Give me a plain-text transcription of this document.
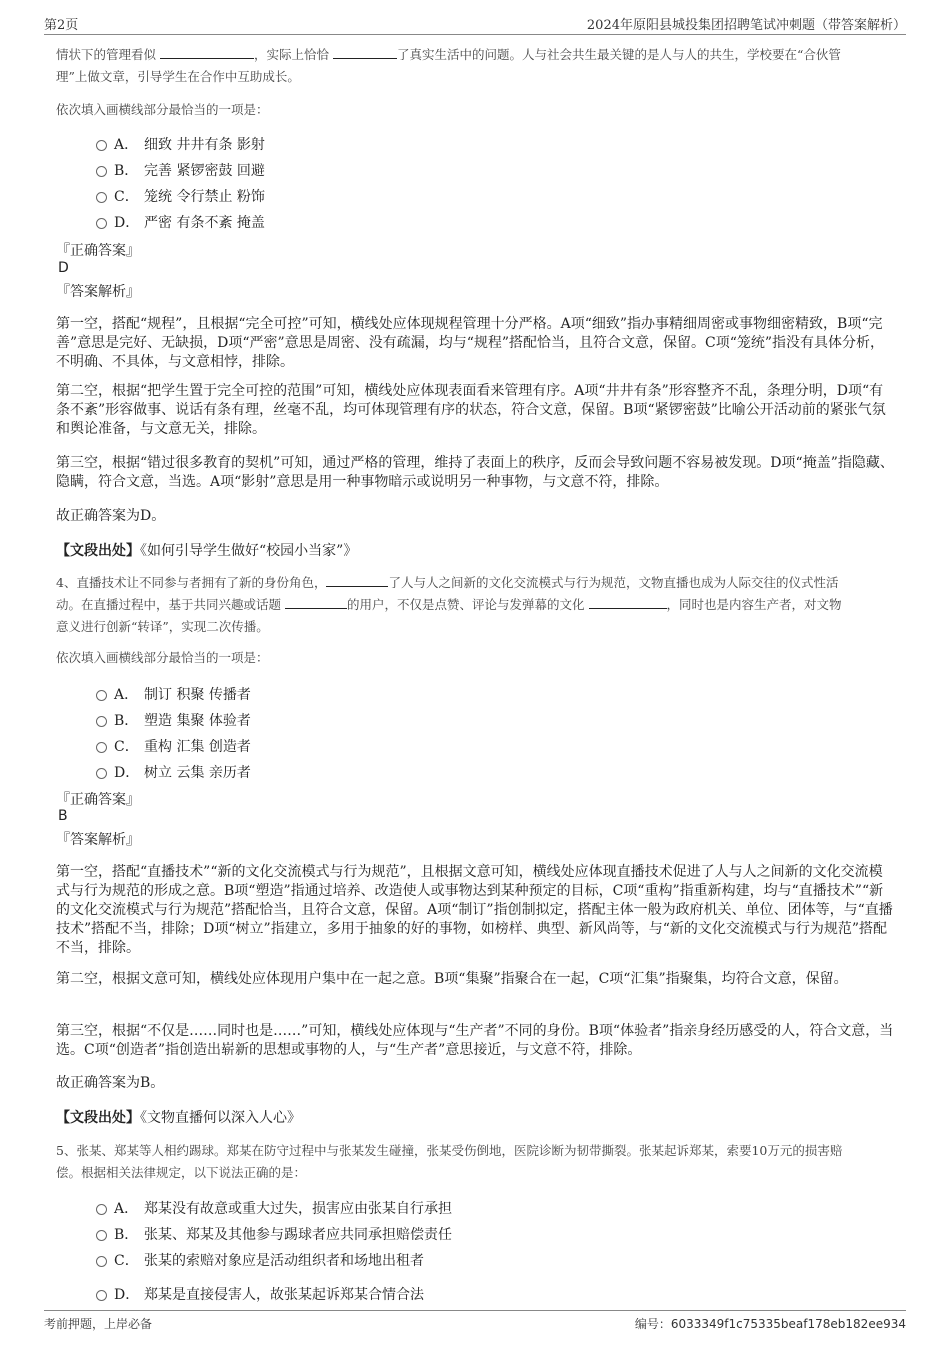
第2页	2024年原阳县城投集团招聘笔试冲刺题（带答案解析）
情状下的管理看似	，实际上恰恰	了真实生活中的问题。人与社会共生最关键的是人与人的共生，学校要在“合伙管
理”上做文章，引导学生在合作中互助成长。
依次填入画横线部分最恰当的一项是：
A． 细致 井井有条 影射
B． 完善 紧锣密鼓 回避
C． 笼统 令行禁止 粉饰
D． 严密 有条不紊 掩盖
『正确答案』
D
『答案解析』
第一空，搭配“规程”，且根据“完全可控”可知，横线处应体现规程管理十分严格。A项“细致”指办事精细周密或事物细密精致，B项“完善”意思是完好、无缺损，D项“严密”意思是周密、没有疏漏，均与“规程”搭配恰当，且符合文意，保留。C项“笼统”指没有具体分析，不明确、不具体，与文意相悖，排除。
第二空，根据“把学生置于完全可控的范围”可知，横线处应体现表面看来管理有序。A项“井井有条”形容整齐不乱，条理分明，D项“有条不紊”形容做事、说话有条有理，丝毫不乱，均可体现管理有序的状态，符合文意，保留。B项“紧锣密鼓”比喻公开活动前的紧张气氛和舆论准备，与文意无关，排除。
第三空，根据“错过很多教育的契机”可知，通过严格的管理，维持了表面上的秩序，反而会导致问题不容易被发现。D项“掩盖”指隐藏、隐瞒，符合文意，当选。A项“影射”意思是用一种事物暗示或说明另一种事物，与文意不符，排除。
故正确答案为D。
【文段出处】《如何引导学生做好“校园小当家”》
4、直播技术让不同参与者拥有了新的身份角色，	了人与人之间新的文化交流模式与行为规范，文物直播也成为人际交往的仪式性活
动。在直播过程中，基于共同兴趣或话题	的用户，不仅是点赞、评论与发弹幕的文化	，同时也是内容生产者，对文物
意义进行创新“转译”，实现二次传播。
依次填入画横线部分最恰当的一项是：
A． 制订 积聚 传播者
B． 塑造 集聚 体验者
C． 重构 汇集 创造者
D． 树立 云集 亲历者
『正确答案』
B
『答案解析』
第一空，搭配“直播技术”“新的文化交流模式与行为规范”，且根据文意可知，横线处应体现直播技术促进了人与人之间新的文化交流模式与行为规范的形成之意。B项“塑造”指通过培养、改造使人或事物达到某种预定的目标，C项“重构”指重新构建，均与“直播技术”“新的文化交流模式与行为规范”搭配恰当，且符合文意，保留。A项“制订”指创制拟定，搭配主体一般为政府机关、单位、团体等，与“直播技术”搭配不当，排除；D项“树立”指建立，多用于抽象的好的事物，如榜样、典型、新风尚等，与“新的文化交流模式与行为规范”搭配不当，排除。
第二空，根据文意可知，横线处应体现用户集中在一起之意。B项“集聚”指聚合在一起，C项“汇集”指聚集，均符合文意，保留。
第三空，根据“不仅是……同时也是……”可知，横线处应体现与“生产者”不同的身份。B项“体验者”指亲身经历感受的人，符合文意，当选。C项“创造者”指创造出崭新的思想或事物的人，与“生产者”意思接近，与文意不符，排除。
故正确答案为B。
【文段出处】《文物直播何以深入人心》
5、张某、郑某等人相约踢球。郑某在防守过程中与张某发生碰撞，张某受伤倒地，医院诊断为韧带撕裂。张某起诉郑某，索要10万元的损害赔
偿。根据相关法律规定，以下说法正确的是：
A． 郑某没有故意或重大过失，损害应由张某自行承担
B． 张某、郑某及其他参与踢球者应共同承担赔偿责任
C． 张某的索赔对象应是活动组织者和场地出租者
D． 郑某是直接侵害人，故张某起诉郑某合情合法
考前押题，上岸必备	编号：6033349f1c75335beaf178eb182ee934
